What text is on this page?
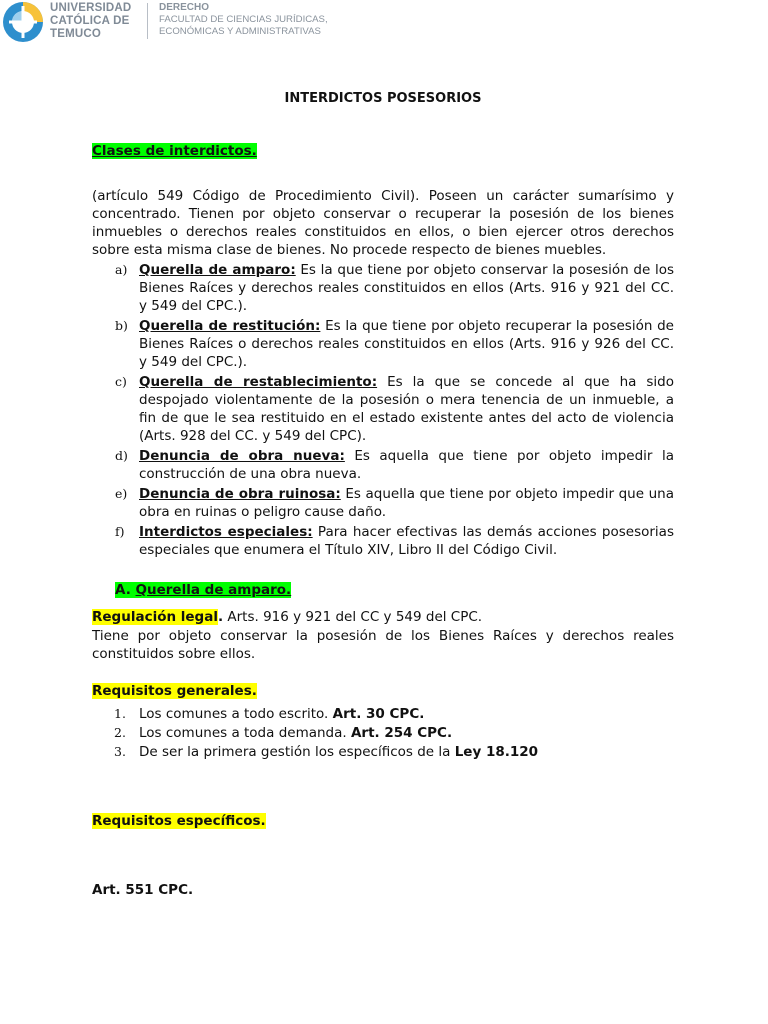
UNIVERSIDAD
CATÓLICA DE
TEMUCO
DERECHO
FACULTAD DE CIENCIAS JURÍDICAS,
ECONÓMICAS Y ADMINISTRATIVAS
INTERDICTOS POSESORIOS
Clases de interdictos.
(artículo 549 Código de Procedimiento Civil). Poseen un carácter sumarísimo y concentrado. Tienen por objeto conservar o recuperar la posesión de los bienes inmuebles o derechos reales constituidos en ellos, o bien ejercer otros derechos sobre esta misma clase de bienes. No procede respecto de bienes muebles.
a) Querella de amparo: Es la que tiene por objeto conservar la posesión de los Bienes Raíces y derechos reales constituidos en ellos (Arts. 916 y 921 del CC. y 549 del CPC.).
b) Querella de restitución: Es la que tiene por objeto recuperar la posesión de Bienes Raíces o derechos reales constituidos en ellos (Arts. 916 y 926 del CC. y 549 del CPC.).
c) Querella de restablecimiento: Es la que se concede al que ha sido despojado violentamente de la posesión o mera tenencia de un inmueble, a fin de que le sea restituido en el estado existente antes del acto de violencia (Arts. 928 del CC. y 549 del CPC).
d) Denuncia de obra nueva: Es aquella que tiene por objeto impedir la construcción de una obra nueva.
e) Denuncia de obra ruinosa: Es aquella que tiene por objeto impedir que una obra en ruinas o peligro cause daño.
f) Interdictos especiales: Para hacer efectivas las demás acciones posesorias especiales que enumera el Título XIV, Libro II del Código Civil.
A. Querella de amparo.
Regulación legal. Arts. 916 y 921 del CC y 549 del CPC.
Tiene por objeto conservar la posesión de los Bienes Raíces y derechos reales constituidos sobre ellos.
Requisitos generales.
1. Los comunes a todo escrito. Art. 30 CPC.
2. Los comunes a toda demanda. Art. 254 CPC.
3. De ser la primera gestión los específicos de la Ley 18.120
Requisitos específicos.
Art. 551 CPC.
